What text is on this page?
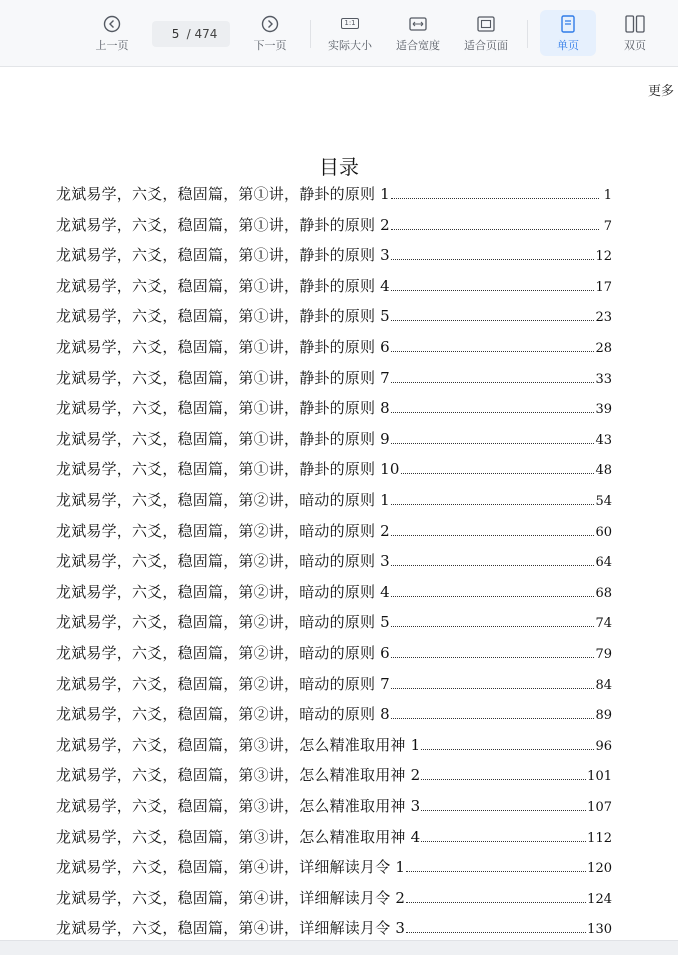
上一页
5
/ 474
下一页
1:1
实际大小 适合宽度 适合页面	单页	双页
更多
目录
龙斌易学，六爻，稳固篇，第①讲，静卦的原则 1	1
龙斌易学，六爻，稳固篇，第①讲，静卦的原则 2	7
龙斌易学，六爻，稳固篇，第①讲，静卦的原则 3	12
龙斌易学，六爻，稳固篇，第①讲，静卦的原则 4	17
龙斌易学，六爻，稳固篇，第①讲，静卦的原则 5	23
龙斌易学，六爻，稳固篇，第①讲，静卦的原则 6	28
龙斌易学，六爻，稳固篇，第①讲，静卦的原则 7	33
龙斌易学，六爻，稳固篇，第①讲，静卦的原则 8	39
龙斌易学，六爻，稳固篇，第①讲，静卦的原则 9	43
龙斌易学，六爻，稳固篇，第①讲，静卦的原则 10	48
龙斌易学，六爻，稳固篇，第②讲，暗动的原则 1	54
龙斌易学，六爻，稳固篇，第②讲，暗动的原则 2	60
龙斌易学，六爻，稳固篇，第②讲，暗动的原则 3	64
龙斌易学，六爻，稳固篇，第②讲，暗动的原则 4	68
龙斌易学，六爻，稳固篇，第②讲，暗动的原则 5	74
龙斌易学，六爻，稳固篇，第②讲，暗动的原则 6	79
龙斌易学，六爻，稳固篇，第②讲，暗动的原则 7	84
龙斌易学，六爻，稳固篇，第②讲，暗动的原则 8	89
龙斌易学，六爻，稳固篇，第③讲，怎么精准取用神 1	96
龙斌易学，六爻，稳固篇，第③讲，怎么精准取用神 2	101
龙斌易学，六爻，稳固篇，第③讲，怎么精准取用神 3	107
龙斌易学，六爻，稳固篇，第③讲，怎么精准取用神 4	112
龙斌易学，六爻，稳固篇，第④讲，详细解读月令 1	120
龙斌易学，六爻，稳固篇，第④讲，详细解读月令 2	124
龙斌易学，六爻，稳固篇，第④讲，详细解读月令 3	130
